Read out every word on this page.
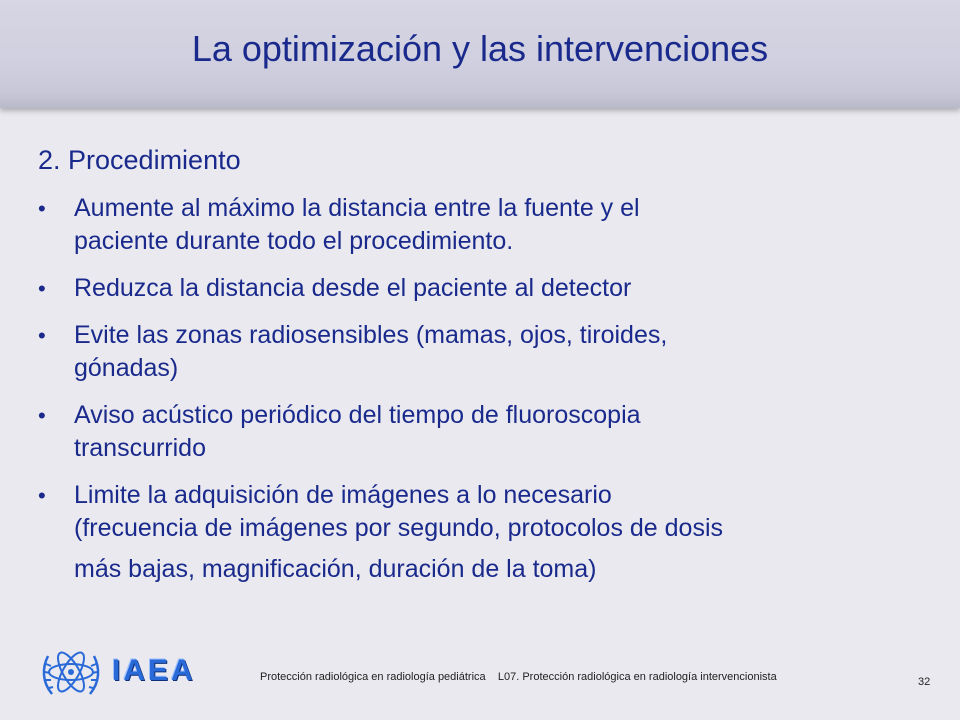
La optimización y las intervenciones
2. Procedimiento
•	Aumente al máximo la distancia entre la fuente y el
paciente durante todo el procedimiento.
•	Reduzca la distancia desde el paciente al detector
•	Evite las zonas radiosensibles (mamas, ojos, tiroides,
gónadas)
•	Aviso acústico periódico del tiempo de fluoroscopia
transcurrido
•	Limite la adquisición de imágenes a lo necesario
(frecuencia de imágenes por segundo, protocolos de dosis
más bajas, magnificación, duración de la toma)
IAEA	Protección radiológica en radiología pediátrica L07. Protección radiológica en radiología intervencionista	32
